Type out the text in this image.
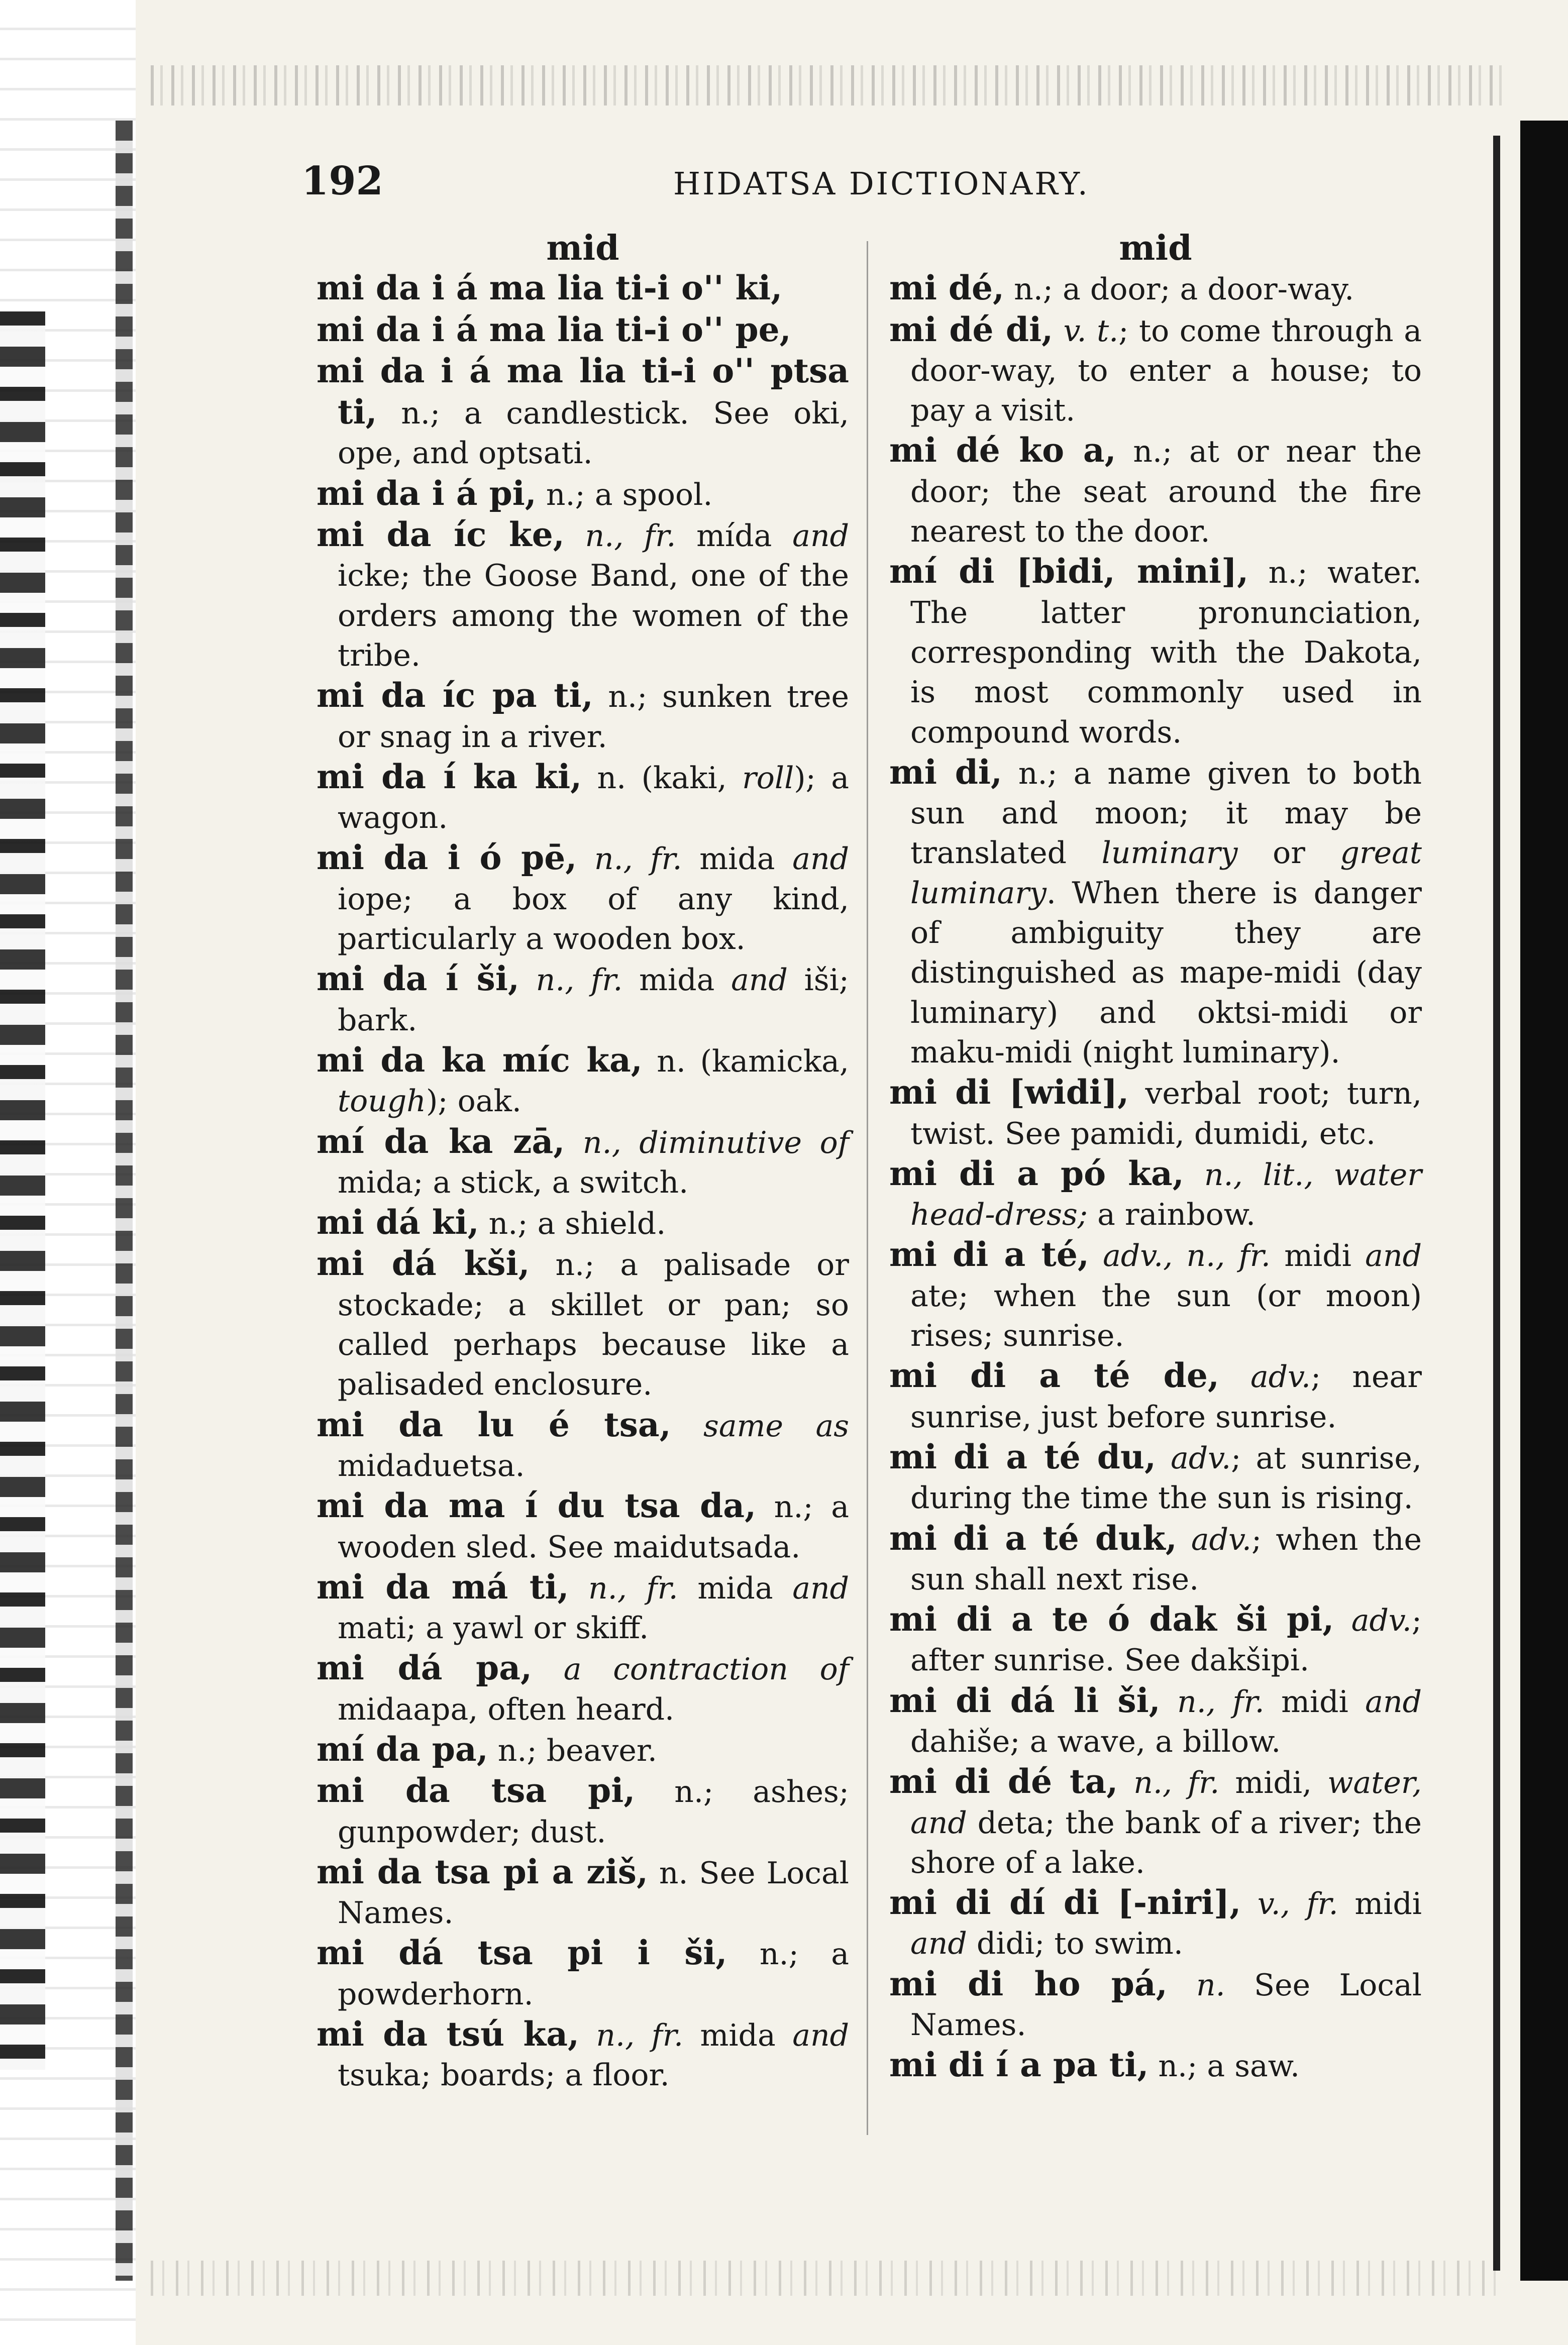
192	HIDATSA DICTIONARY.
mid

mi da i á ma lia ti-i o'' ki,

mi da i á ma lia ti-i o'' pe,

mi da i á ma lia ti-i o'' ptsa ti, n.; a candlestick. See oki, ope, and optsati.

mi da i á pi, n.; a spool.

mi da íc ke, n., fr. mída and icke; the Goose Band, one of the orders among the women of the tribe.

mi da íc pa ti, n.; sunken tree or snag in a river.

mi da í ka ki, n. (kaki, roll); a wagon.

mi da i ó pē, n., fr. mida and iope; a box of any kind, particularly a wooden box.

mi da í ši, n., fr. mida and iši; bark.

mi da ka míc ka, n. (kamicka, tough); oak.

mí da ka zā, n., diminutive of mida; a stick, a switch.

mi dá ki, n.; a shield.

mi dá kši, n.; a palisade or stockade; a skillet or pan; so called perhaps because like a palisaded enclosure.

mi da lu é tsa, same as midaduetsa.

mi da ma í du tsa da, n.; a wooden sled. See maidutsada.

mi da má ti, n., fr. mida and mati; a yawl or skiff.

mi dá pa, a contraction of midaapa, often heard.

mí da pa, n.; beaver.

mi da tsa pi, n.; ashes; gunpowder; dust.

mi da tsa pi a ziš, n. See Local Names.

mi dá tsa pi i ši, n.; a powderhorn.

mi da tsú ka, n., fr. mida and tsuka; boards; a floor.

mid

mi dé, n.; a door; a door-way.

mi dé di, v. t.; to come through a door-way, to enter a house; to pay a visit.

mi dé ko a, n.; at or near the door; the seat around the fire nearest to the door.

mí di [bidi, mini], n.; water. The latter pronunciation, corresponding with the Dakota, is most commonly used in compound words.

mi di, n.; a name given to both sun and moon; it may be translated luminary or great luminary. When there is danger of ambiguity they are distinguished as mape-midi (day luminary) and oktsi-midi or maku-midi (night luminary).

mi di [widi], verbal root; turn, twist. See pamidi, dumidi, etc.

mi di a pó ka, n., lit., water head-dress; a rainbow.

mi di a té, adv., n., fr. midi and ate; when the sun (or moon) rises; sunrise.

mi di a té de, adv.; near sunrise, just before sunrise.

mi di a té du, adv.; at sunrise, during the time the sun is rising.

mi di a té duk, adv.; when the sun shall next rise.

mi di a te ó dak ši pi, adv.; after sunrise. See dakšipi.

mi di dá li ši, n., fr. midi and dahiše; a wave, a billow.

mi di dé ta, n., fr. midi, water, and deta; the bank of a river; the shore of a lake.

mi di dí di [-niri], v., fr. midi and didi; to swim.

mi di ho pá, n. See Local Names.

mi di í a pa ti, n.; a saw.
